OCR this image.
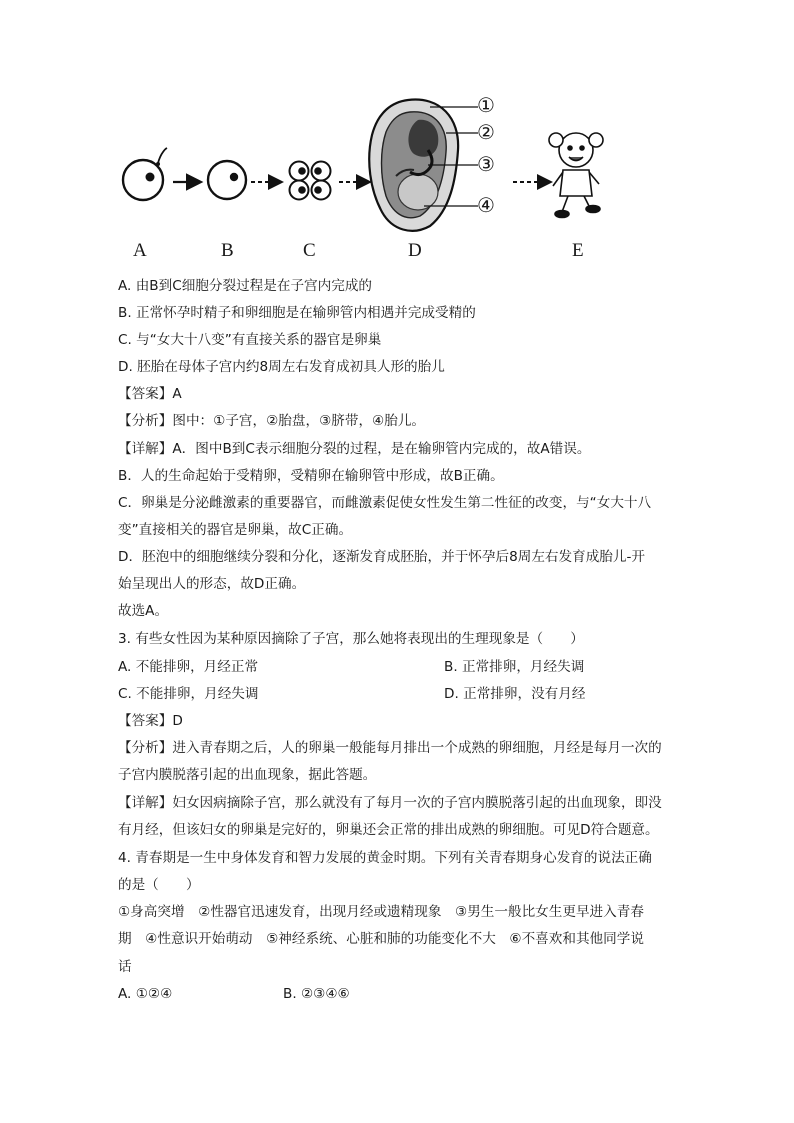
①
②
③
④
A	B	C	D	E
A. 由B到C细胞分裂过程是在子宫内完成的
B. 正常怀孕时精子和卵细胞是在输卵管内相遇并完成受精的
C. 与“女大十八变”有直接关系的器官是卵巢
D. 胚胎在母体子宫内约8周左右发育成初具人形的胎儿
【答案】A
【分析】图中：①子宫，②胎盘，③脐带，④胎儿。
【详解】A．图中B到C表示细胞分裂的过程，是在输卵管内完成的，故A错误。
B．人的生命起始于受精卵，受精卵在输卵管中形成，故B正确。
C．卵巢是分泌雌激素的重要器官，而雌激素促使女性发生第二性征的改变，与“女大十八
变”直接相关的器官是卵巢，故C正确。
D．胚泡中的细胞继续分裂和分化，逐渐发育成胚胎，并于怀孕后8周左右发育成胎儿-开
始呈现出人的形态，故D正确。
故选A。
3. 有些女性因为某种原因摘除了子宫，那么她将表现出的生理现象是（　　）
A. 不能排卵，月经正常	B. 正常排卵，月经失调
C. 不能排卵，月经失调	D. 正常排卵，没有月经
【答案】D
【分析】进入青春期之后，人的卵巢一般能每月排出一个成熟的卵细胞，月经是每月一次的
子宫内膜脱落引起的出血现象，据此答题。
【详解】妇女因病摘除子宫，那么就没有了每月一次的子宫内膜脱落引起的出血现象，即没
有月经，但该妇女的卵巢是完好的，卵巢还会正常的排出成熟的卵细胞。可见D符合题意。
4. 青春期是一生中身体发育和智力发展的黄金时期。下列有关青春期身心发育的说法正确
的是（　　）
①身高突增　②性器官迅速发育，出现月经或遗精现象　③男生一般比女生更早进入青春
期　④性意识开始萌动　⑤神经系统、心脏和肺的功能变化不大　⑥不喜欢和其他同学说
话
A. ①②④	B. ②③④⑥
